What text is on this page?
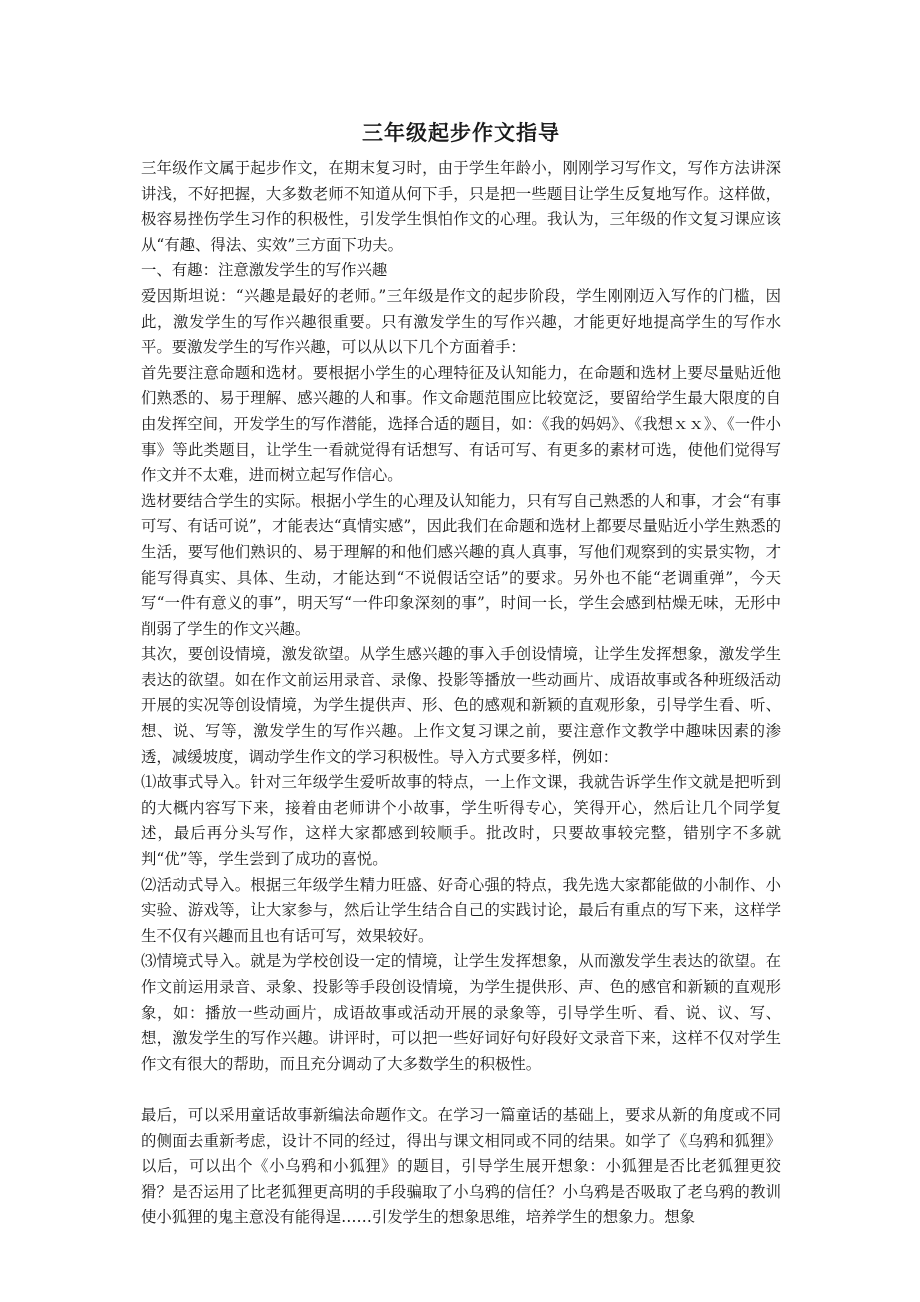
三年级起步作文指导

三年级作文属于起步作文，在期末复习时，由于学生年龄小，刚刚学习写作文，写作方法讲深讲浅，不好把握，大多数老师不知道从何下手，只是把一些题目让学生反复地写作。这样做，极容易挫伤学生习作的积极性，引发学生惧怕作文的心理。我认为，三年级的作文复习课应该从“有趣、得法、实效”三方面下功夫。

一、有趣：注意激发学生的写作兴趣

爱因斯坦说：“兴趣是最好的老师。”三年级是作文的起步阶段，学生刚刚迈入写作的门槛，因此，激发学生的写作兴趣很重要。只有激发学生的写作兴趣，才能更好地提高学生的写作水平。要激发学生的写作兴趣，可以从以下几个方面着手：

首先要注意命题和选材。要根据小学生的心理特征及认知能力，在命题和选材上要尽量贴近他们熟悉的、易于理解、感兴趣的人和事。作文命题范围应比较宽泛，要留给学生最大限度的自由发挥空间，开发学生的写作潜能，选择合适的题目，如：《我的妈妈》、《我想ｘｘ》、《一件小事》等此类题目，让学生一看就觉得有话想写、有话可写、有更多的素材可选，使他们觉得写作文并不太难，进而树立起写作信心。

选材要结合学生的实际。根据小学生的心理及认知能力，只有写自己熟悉的人和事，才会“有事可写、有话可说”，才能表达“真情实感”，因此我们在命题和选材上都要尽量贴近小学生熟悉的生活，要写他们熟识的、易于理解的和他们感兴趣的真人真事，写他们观察到的实景实物，才能写得真实、具体、生动，才能达到“不说假话空话”的要求。另外也不能“老调重弹”，今天写“一件有意义的事”，明天写“一件印象深刻的事”，时间一长，学生会感到枯燥无味，无形中削弱了学生的作文兴趣。

其次，要创设情境，激发欲望。从学生感兴趣的事入手创设情境，让学生发挥想象，激发学生表达的欲望。如在作文前运用录音、录像、投影等播放一些动画片、成语故事或各种班级活动开展的实况等创设情境，为学生提供声、形、色的感观和新颖的直观形象，引导学生看、听、想、说、写等，激发学生的写作兴趣。上作文复习课之前，要注意作文教学中趣味因素的渗透，减缓坡度，调动学生作文的学习积极性。导入方式要多样，例如：

⑴故事式导入。针对三年级学生爱听故事的特点，一上作文课，我就告诉学生作文就是把听到的大概内容写下来，接着由老师讲个小故事，学生听得专心，笑得开心，然后让几个同学复述，最后再分头写作，这样大家都感到较顺手。批改时，只要故事较完整，错别字不多就判“优”等，学生尝到了成功的喜悦。

⑵活动式导入。根据三年级学生精力旺盛、好奇心强的特点，我先选大家都能做的小制作、小实验、游戏等，让大家参与，然后让学生结合自己的实践讨论，最后有重点的写下来，这样学生不仅有兴趣而且也有话可写，效果较好。

⑶情境式导入。就是为学校创设一定的情境，让学生发挥想象，从而激发学生表达的欲望。在作文前运用录音、录象、投影等手段创设情境，为学生提供形、声、色的感官和新颖的直观形象，如：播放一些动画片，成语故事或活动开展的录象等，引导学生听、看、说、议、写、想，激发学生的写作兴趣。讲评时，可以把一些好词好句好段好文录音下来，这样不仅对学生作文有很大的帮助，而且充分调动了大多数学生的积极性。

最后，可以采用童话故事新编法命题作文。在学习一篇童话的基础上，要求从新的角度或不同的侧面去重新考虑，设计不同的经过，得出与课文相同或不同的结果。如学了《乌鸦和狐狸》以后，可以出个《小乌鸦和小狐狸》的题目，引导学生展开想象：小狐狸是否比老狐狸更狡猾？是否运用了比老狐狸更高明的手段骗取了小乌鸦的信任？小乌鸦是否吸取了老乌鸦的教训使小狐狸的鬼主意没有能得逞……引发学生的想象思维，培养学生的想象力。想象
